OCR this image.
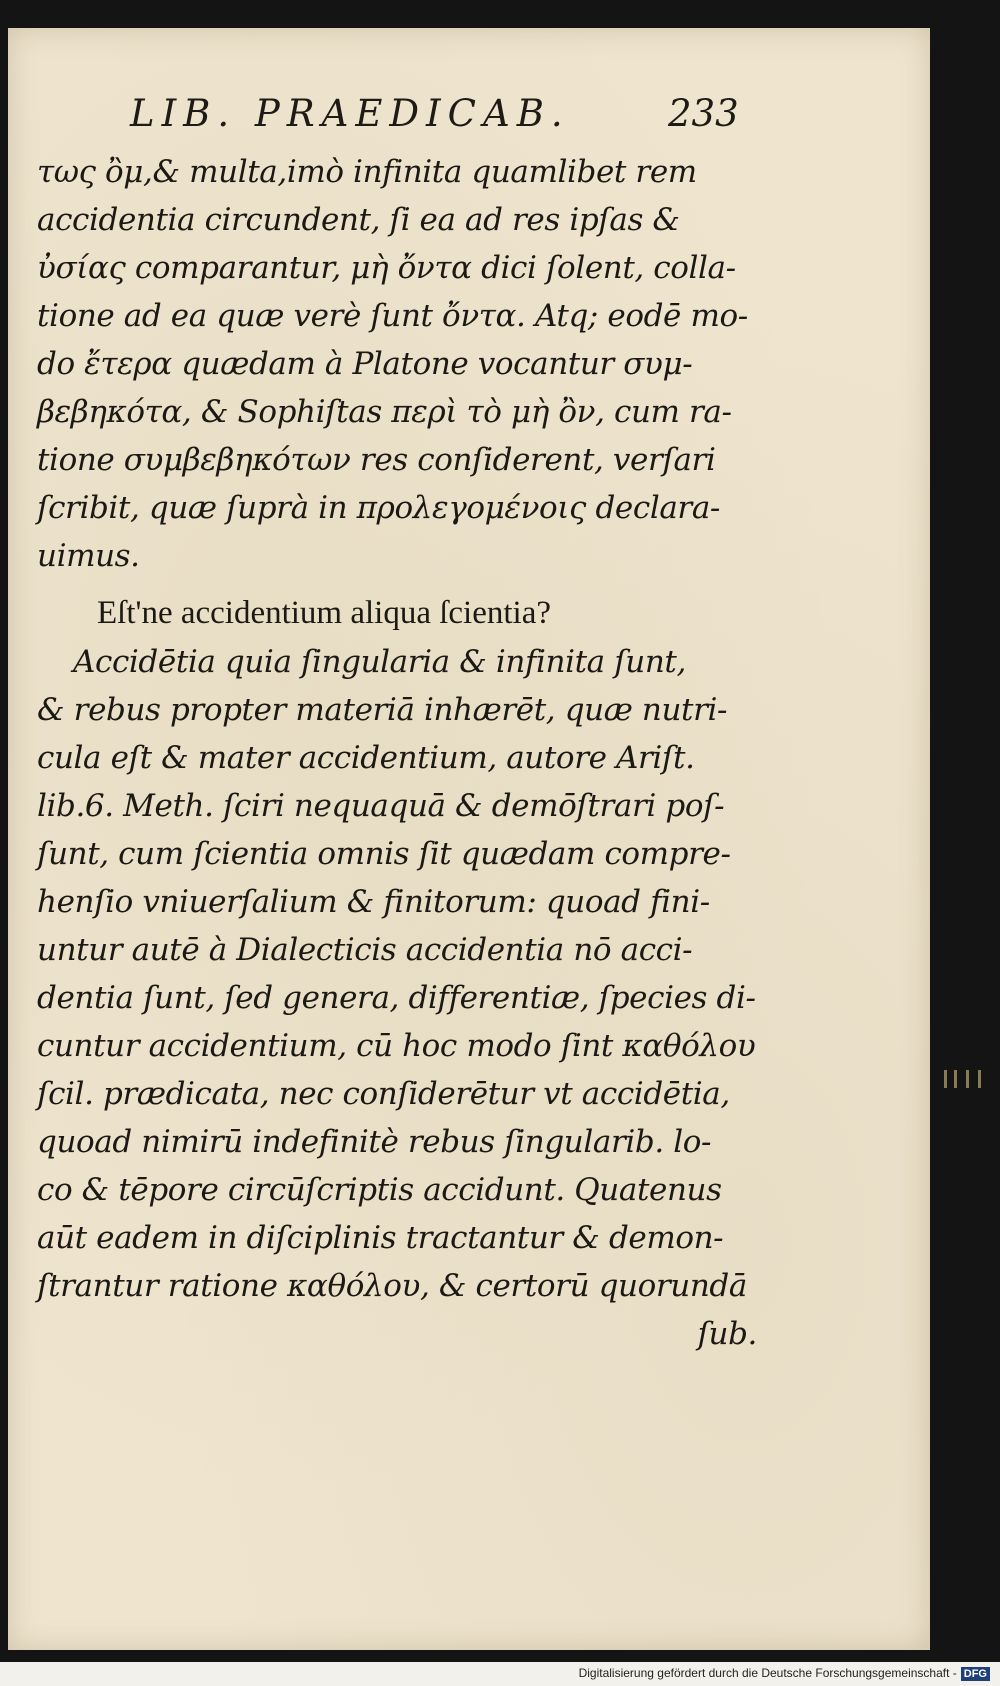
LIB. PRAEDICAB.	233
τως ὂμ,& multa,imò infinita quamlibet rem
accidentia circundent, ſi ea ad res ipſas &
ὐσίας comparantur, μὴ ὄντα dici ſolent, colla-
tione ad ea quæ verè ſunt ὄντα. Atq; eodē mo-
do ἔτερα quædam à Platone vocantur συμ-
βεβηκότα, & Sophiſtas περὶ τὸ μὴ ὂν, cum ra-
tione συμβεβηκότων res conſiderent, verſari
ſcribit, quæ ſuprà in προλεγομένοις declara-
uimus.
Eſt'ne accidentium aliqua ſcientia?
Accidētia quia ſingularia & infinita ſunt,
& rebus propter materiā inhærēt, quæ nutri-
cula eſt & mater accidentium, autore Ariſt.
lib.6. Meth. ſciri nequaquā & demōſtrari poſ-
ſunt, cum ſcientia omnis ſit quædam compre-
henſio vniuerſalium & finitorum: quoad fini-
untur autē à Dialecticis accidentia nō acci-
dentia ſunt, ſed genera, differentiæ, ſpecies di-
cuntur accidentium, cū hoc modo ſint καθόλου
ſcil. prædicata, nec conſiderētur vt accidētia,
quoad nimirū indefinitè rebus ſingularib. lo-
co & tēpore circūſcriptis accidunt. Quatenus
aūt eadem in diſciplinis tractantur & demon-
ſtrantur ratione καθόλου, & certorū quorundā
ſub.
Digitalisierung gefördert durch die Deutsche Forschungsgemeinschaft - DFG
